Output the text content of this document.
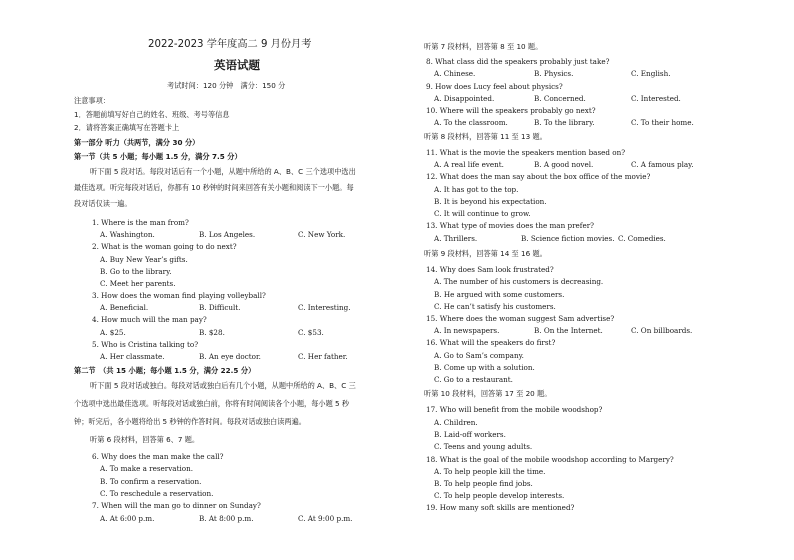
2022-2023 学年度高二 9 月份月考
英语试题
考试时间：120 分钟　满分：150 分
注意事项：
1．答题前填写好自己的姓名、班级、考号等信息
2．请将答案正确填写在答题卡上
第一部分 听力（共两节，满分 30 分）
第一节（共 5 小题；每小题 1.5 分，满分 7.5 分）
听下面 5 段对话。每段对话后有一个小题，从题中所给的 A、B、C 三个选项中选出
最佳选项。听完每段对话后，你都有 10 秒钟的时间来回答有关小题和阅读下一小题。每
段对话仅读一遍。
1. Where is the man from?
A. Washington.	B. Los Angeles.	C. New York.
2. What is the woman going to do next?
A. Buy New Year’s gifts.
B. Go to the library.
C. Meet her parents.
3. How does the woman find playing volleyball?
A. Beneficial.	B. Difficult.	C. Interesting.
4. How much will the man pay?
A. $25.	B. $28.	C. $53.
5. Who is Cristina talking to?
A. Her classmate.	B. An eye doctor.	C. Her father.
第二节　（共 15 小题；每小题 1.5 分，满分 22.5 分）
听下面 5 段对话或独白。每段对话或独白后有几个小题，从题中所给的 A、B、C 三
个选项中选出最佳选项。听每段对话或独白前，你将有时间阅读各个小题，每小题 5 秒
钟；听完后，各小题将给出 5 秒钟的作答时间。每段对话或独白读两遍。
听第 6 段材料，回答第 6、7 题。
6. Why does the man make the call?
A. To make a reservation.
B. To confirm a reservation.
C. To reschedule a reservation.
7. When will the man go to dinner on Sunday?
A. At 6:00 p.m.	B. At 8:00 p.m.	C. At 9:00 p.m.
听第 7 段材料，回答第 8 至 10 题。
8. What class did the speakers probably just take?
A. Chinese.	B. Physics.	C. English.
9. How does Lucy feel about physics?
A. Disappointed.	B. Concerned.	C. Interested.
10. Where will the speakers probably go next?
A. To the classroom.	B. To the library.	C. To their home.
听第 8 段材料，回答第 11 至 13 题。
11. What is the movie the speakers mention based on?
A. A real life event.	B. A good novel.	C. A famous play.
12. What does the man say about the box office of the movie?
A. It has got to the top.
B. It is beyond his expectation.
C. It will continue to grow.
13. What type of movies does the man prefer?
A. Thrillers.	B. Science fiction movies. C. Comedies.
听第 9 段材料，回答第 14 至 16 题。
14. Why does Sam look frustrated?
A. The number of his customers is decreasing.
B. He argued with some customers.
C. He can’t satisfy his customers.
15. Where does the woman suggest Sam advertise?
A. In newspapers.	B. On the Internet.	C. On billboards.
16. What will the speakers do first?
A. Go to Sam’s company.
B. Come up with a solution.
C. Go to a restaurant.
听第 10 段材料，回答第 17 至 20 题。
17. Who will benefit from the mobile woodshop?
A. Children.
B. Laid-off workers.
C. Teens and young adults.
18. What is the goal of the mobile woodshop according to Margery?
A. To help people kill the time.
B. To help people find jobs.
C. To help people develop interests.
19. How many soft skills are mentioned?
